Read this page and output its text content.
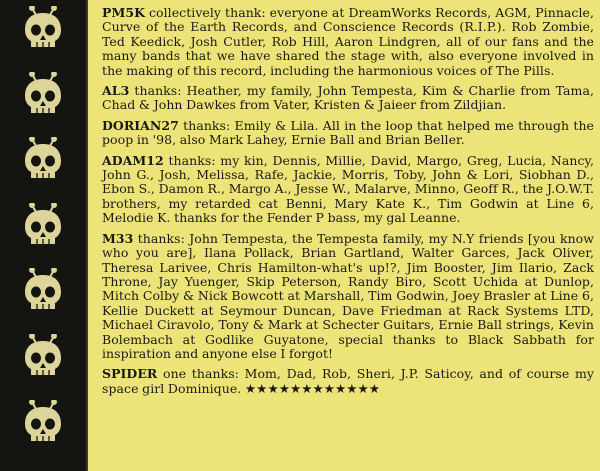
PM5K collectively thank: everyone at DreamWorks Records, AGM, Pinnacle, Curve of the Earth Records, and Conscience Records (R.I.P.). Rob Zombie, Ted Keedick, Josh Cutler, Rob Hill, Aaron Lindgren, all of our fans and the many bands that we have shared the stage with, also everyone involved in the making of this record, including the harmonious voices of The Pills.

AL3 thanks: Heather, my family, John Tempesta, Kim & Charlie from Tama, Chad & John Dawkes from Vater, Kristen & Jaieer from Zildjian.

DORIAN27 thanks: Emily & Lila. All in the loop that helped me through the poop in '98, also Mark Lahey, Ernie Ball and Brian Beller.

ADAM12 thanks: my kin, Dennis, Millie, David, Margo, Greg, Lucia, Nancy, John G., Josh, Melissa, Rafe, Jackie, Morris, Toby, John & Lori, Siobhan D., Ebon S., Damon R., Margo A., Jesse W., Malarve, Minno, Geoff R., the J.O.W.T. brothers, my retarded cat Benni, Mary Kate K., Tim Godwin at Line 6, Melodie K. thanks for the Fender P bass, my gal Leanne.

M33 thanks: John Tempesta, the Tempesta family, my N.Y friends [you know who you are], Ilana Pollack, Brian Gartland, Walter Garces, Jack Oliver, Theresa Larivee, Chris Hamilton-what's up!?, Jim Booster, Jim Ilario, Zack Throne, Jay Yuenger, Skip Peterson, Randy Biro, Scott Uchida at Dunlop, Mitch Colby & Nick Bowcott at Marshall, Tim Godwin, Joey Brasler at Line 6, Kellie Duckett at Seymour Duncan, Dave Friedman at Rack Systems LTD, Michael Ciravolo, Tony & Mark at Schecter Guitars, Ernie Ball strings, Kevin Bolembach at Godlike Guyatone, special thanks to Black Sabbath for inspiration and anyone else I forgot!

SPIDER one thanks: Mom, Dad, Rob, Sheri, J.P. Saticoy, and of course my space girl Dominique. ★★★★★★★★★★★★
